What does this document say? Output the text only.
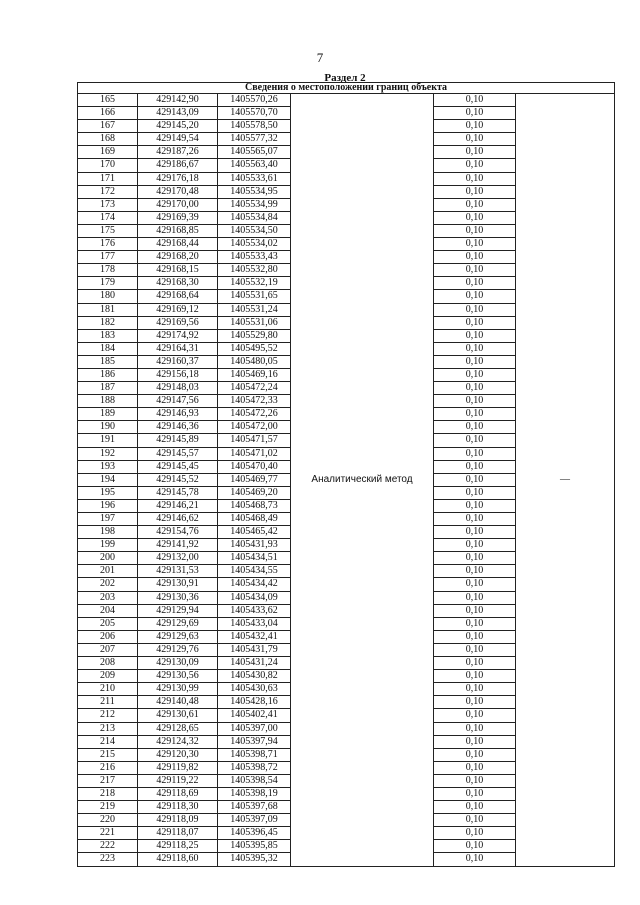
7
Раздел 2
Сведения о местоположении границ объекта					
165	429142,90	1405570,26	Аналитический метод	0,10	—
166	429143,09	1405570,70		0,10	
167	429145,20	1405578,50		0,10	
168	429149,54	1405577,32		0,10	
169	429187,26	1405565,07		0,10	
170	429186,67	1405563,40		0,10	
171	429176,18	1405533,61		0,10	
172	429170,48	1405534,95		0,10	
173	429170,00	1405534,99		0,10	
174	429169,39	1405534,84		0,10	
175	429168,85	1405534,50		0,10	
176	429168,44	1405534,02		0,10	
177	429168,20	1405533,43		0,10	
178	429168,15	1405532,80		0,10	
179	429168,30	1405532,19		0,10	
180	429168,64	1405531,65		0,10	
181	429169,12	1405531,24		0,10	
182	429169,56	1405531,06		0,10	
183	429174,92	1405529,80		0,10	
184	429164,31	1405495,52		0,10	
185	429160,37	1405480,05		0,10	
186	429156,18	1405469,16		0,10	
187	429148,03	1405472,24		0,10	
188	429147,56	1405472,33		0,10	
189	429146,93	1405472,26		0,10	
190	429146,36	1405472,00		0,10	
191	429145,89	1405471,57		0,10	
192	429145,57	1405471,02		0,10	
193	429145,45	1405470,40		0,10	
194	429145,52	1405469,77		0,10	
195	429145,78	1405469,20		0,10	
196	429146,21	1405468,73		0,10	
197	429146,62	1405468,49		0,10	
198	429154,76	1405465,42		0,10	
199	429141,92	1405431,93		0,10	
200	429132,00	1405434,51		0,10	
201	429131,53	1405434,55		0,10	
202	429130,91	1405434,42		0,10	
203	429130,36	1405434,09		0,10	
204	429129,94	1405433,62		0,10	
205	429129,69	1405433,04		0,10	
206	429129,63	1405432,41		0,10	
207	429129,76	1405431,79		0,10	
208	429130,09	1405431,24		0,10	
209	429130,56	1405430,82		0,10	
210	429130,99	1405430,63		0,10	
211	429140,48	1405428,16		0,10	
212	429130,61	1405402,41		0,10	
213	429128,65	1405397,00		0,10	
214	429124,32	1405397,94		0,10	
215	429120,30	1405398,71		0,10	
216	429119,82	1405398,72		0,10	
217	429119,22	1405398,54		0,10	
218	429118,69	1405398,19		0,10	
219	429118,30	1405397,68		0,10	
220	429118,09	1405397,09		0,10	
221	429118,07	1405396,45		0,10	
222	429118,25	1405395,85		0,10	
223	429118,60	1405395,32		0,10	
